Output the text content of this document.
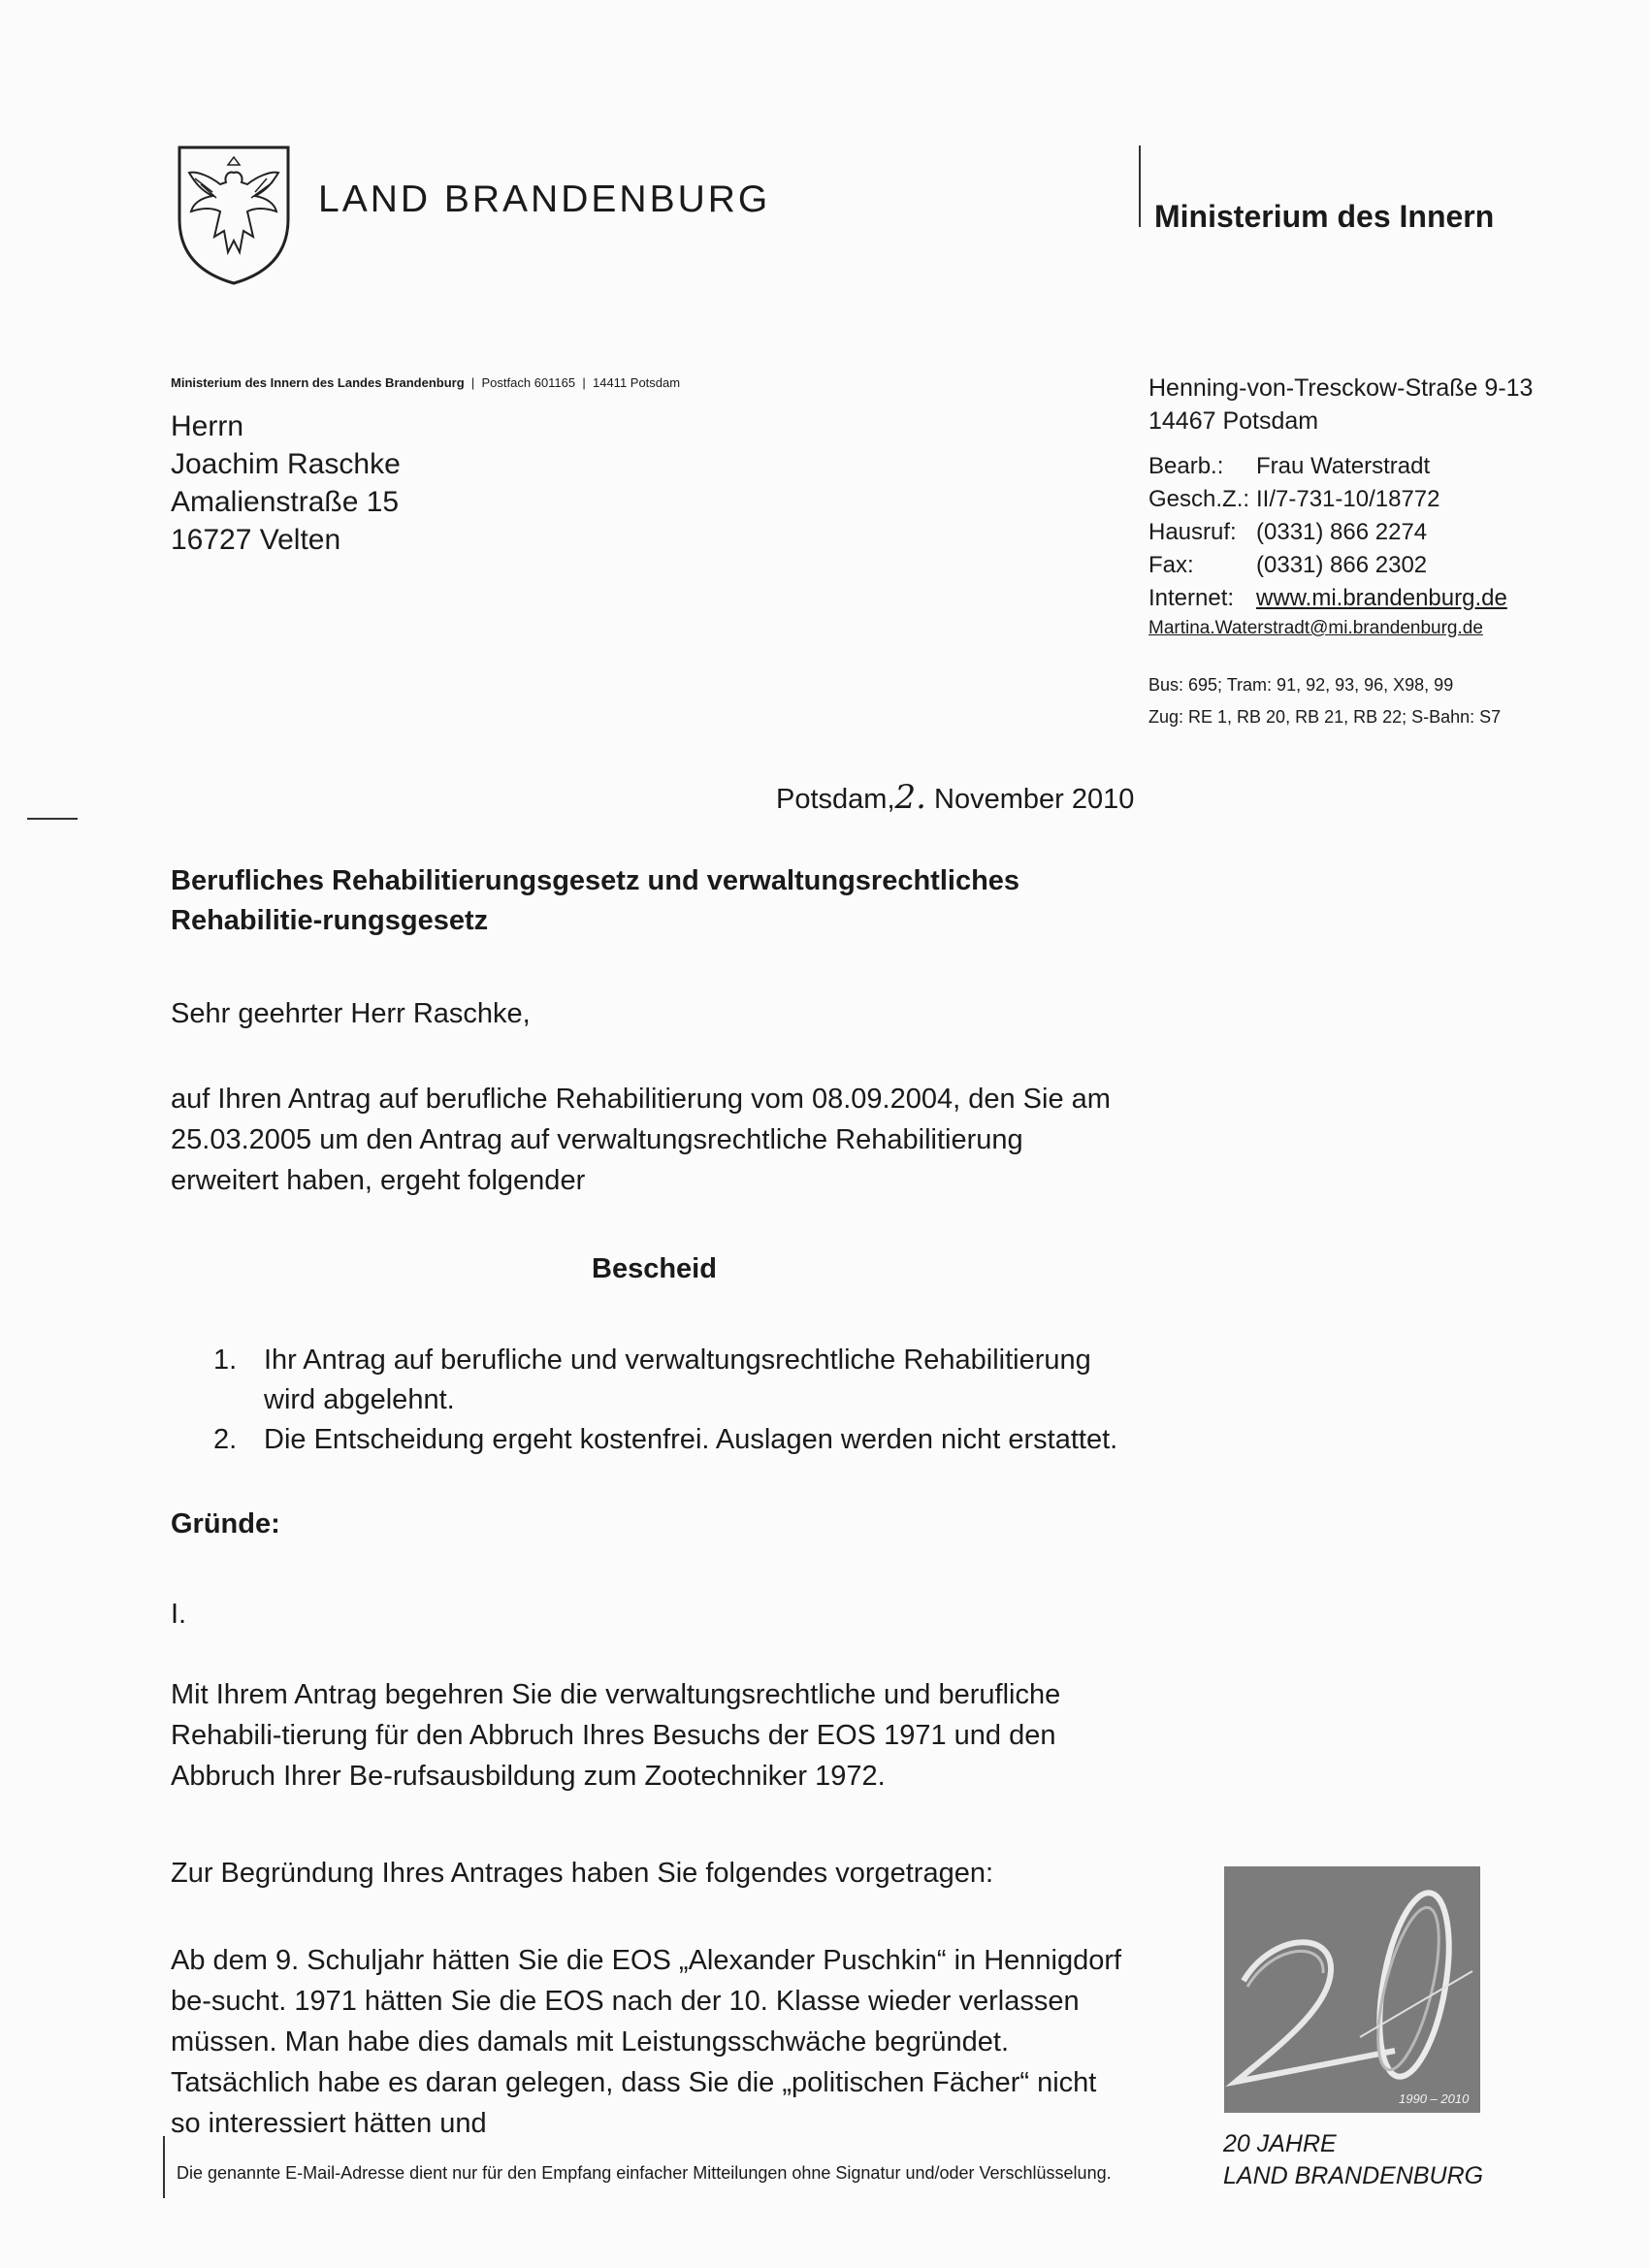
LAND BRANDENBURG	Ministerium des Innern
Ministerium des Innern des Landes Brandenburg  |  Postfach 601165  |  14411 Potsdam
Herrn
Joachim Raschke
Amalienstraße 15
16727 Velten
Henning-von-Tresckow-Straße 9-13
14467 Potsdam
Bearb.:	Frau Waterstradt
Gesch.Z.: II/7-731-10/18772
Hausruf: (0331) 866 2274
Fax:	(0331) 866 2302
Internet: www.mi.brandenburg.de
Martina.Waterstradt@mi.brandenburg.de
Bus: 695; Tram: 91, 92, 93, 96, X98, 99
Zug: RE 1, RB 20, RB 21, RB 22; S-Bahn: S7
Potsdam,2. November 2010
Berufliches Rehabilitierungsgesetz und verwaltungsrechtliches Rehabilitie-rungsgesetz
Sehr geehrter Herr Raschke,
auf Ihren Antrag auf berufliche Rehabilitierung vom 08.09.2004, den Sie am 25.03.2005 um den Antrag auf verwaltungsrechtliche Rehabilitierung erweitert haben, ergeht folgender
Bescheid
1. Ihr Antrag auf berufliche und verwaltungsrechtliche Rehabilitierung wird abgelehnt.
2. Die Entscheidung ergeht kostenfrei. Auslagen werden nicht erstattet.
Gründe:
I.
Mit Ihrem Antrag begehren Sie die verwaltungsrechtliche und berufliche Rehabili-tierung für den Abbruch Ihres Besuchs der EOS 1971 und den Abbruch Ihrer Be-rufsausbildung zum Zootechniker 1972.
Zur Begründung Ihres Antrages haben Sie folgendes vorgetragen:
Ab dem 9. Schuljahr hätten Sie die EOS „Alexander Puschkin“ in Hennigdorf be-sucht. 1971 hätten Sie die EOS nach der 10. Klasse wieder verlassen müssen. Man habe dies damals mit Leistungsschwäche begründet. Tatsächlich habe es daran gelegen, dass Sie die „politischen Fächer“ nicht so interessiert hätten und
1990 – 2010
20 JAHRE
LAND BRANDENBURG
Die genannte E-Mail-Adresse dient nur für den Empfang einfacher Mitteilungen ohne Signatur und/oder Verschlüsselung.
